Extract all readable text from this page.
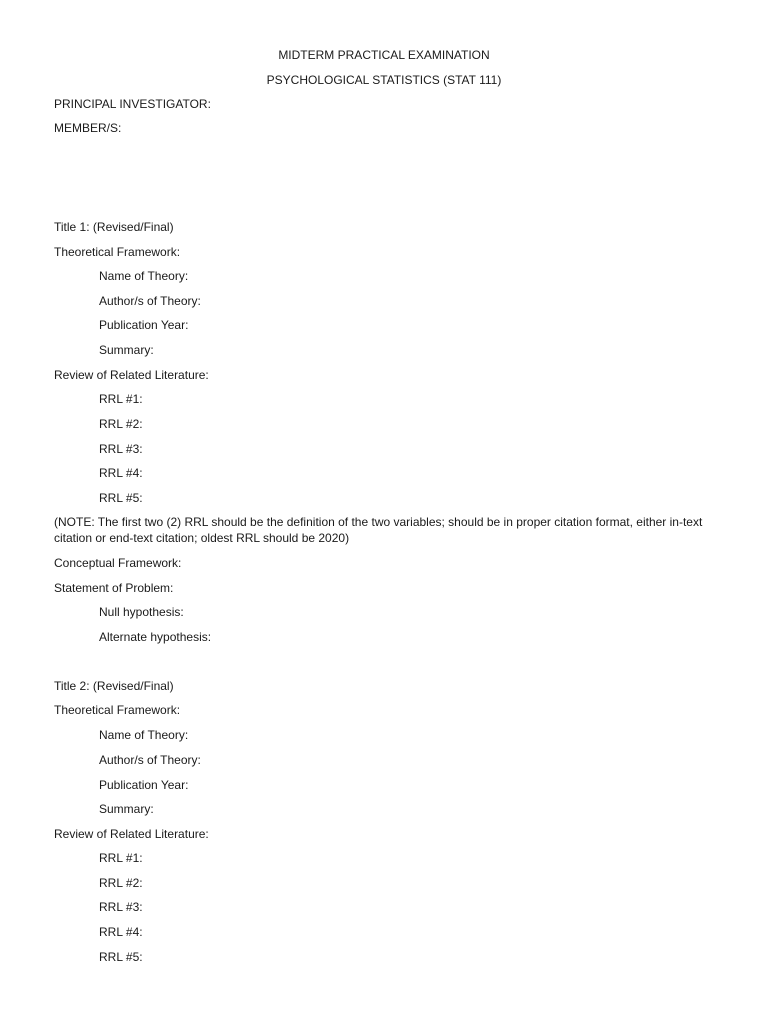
MIDTERM PRACTICAL EXAMINATION
PSYCHOLOGICAL STATISTICS (STAT 111)
PRINCIPAL INVESTIGATOR:
MEMBER/S:
Title 1: (Revised/Final)
Theoretical Framework:
Name of Theory:
Author/s of Theory:
Publication Year:
Summary:
Review of Related Literature:
RRL #1:
RRL #2:
RRL #3:
RRL #4:
RRL #5:
(NOTE: The first two (2) RRL should be the definition of the two variables; should be in proper citation format, either in-text citation or end-text citation; oldest RRL should be 2020)
Conceptual Framework:
Statement of Problem:
Null hypothesis:
Alternate hypothesis:
Title 2: (Revised/Final)
Theoretical Framework:
Name of Theory:
Author/s of Theory:
Publication Year:
Summary:
Review of Related Literature:
RRL #1:
RRL #2:
RRL #3:
RRL #4:
RRL #5:
